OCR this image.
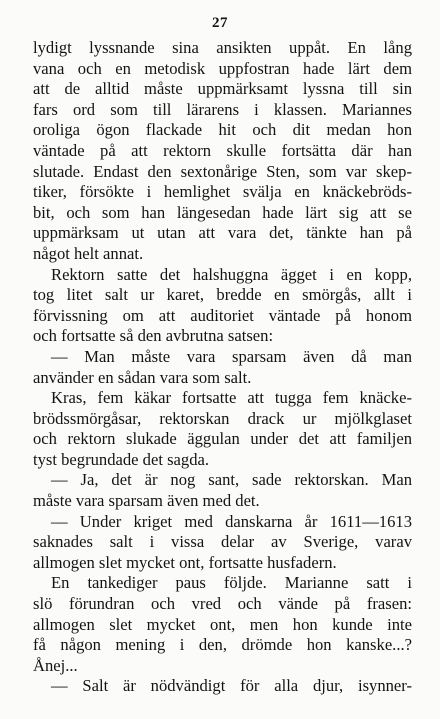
27
lydigt lyssnande sina ansikten uppåt. En lång
vana och en metodisk uppfostran hade lärt dem
att de alltid måste uppmärksamt lyssna till sin
fars ord som till lärarens i klassen. Mariannes
oroliga ögon flackade hit och dit medan hon
väntade på att rektorn skulle fortsätta där han
slutade. Endast den sextonårige Sten, som var skep-
tiker, försökte i hemlighet svälja en knäckebröds-
bit, och som han längesedan hade lärt sig att se
uppmärksam ut utan att vara det, tänkte han på
något helt annat.
Rektorn satte det halshuggna ägget i en kopp,
tog litet salt ur karet, bredde en smörgås, allt i
förvissning om att auditoriet väntade på honom
och fortsatte så den avbrutna satsen:
— Man måste vara sparsam även då man
använder en sådan vara som salt.
Kras, fem käkar fortsatte att tugga fem knäcke-
brödssmörgåsar, rektorskan drack ur mjölkglaset
och rektorn slukade äggulan under det att familjen
tyst begrundade det sagda.
— Ja, det är nog sant, sade rektorskan. Man
måste vara sparsam även med det.
— Under kriget med danskarna år 1611—1613
saknades salt i vissa delar av Sverige, varav
allmogen slet mycket ont, fortsatte husfadern.
En tankediger paus följde. Marianne satt i
slö förundran och vred och vände på frasen:
allmogen slet mycket ont, men hon kunde inte
få någon mening i den, drömde hon kanske...?
Ånej...
— Salt är nödvändigt för alla djur, isynner-
